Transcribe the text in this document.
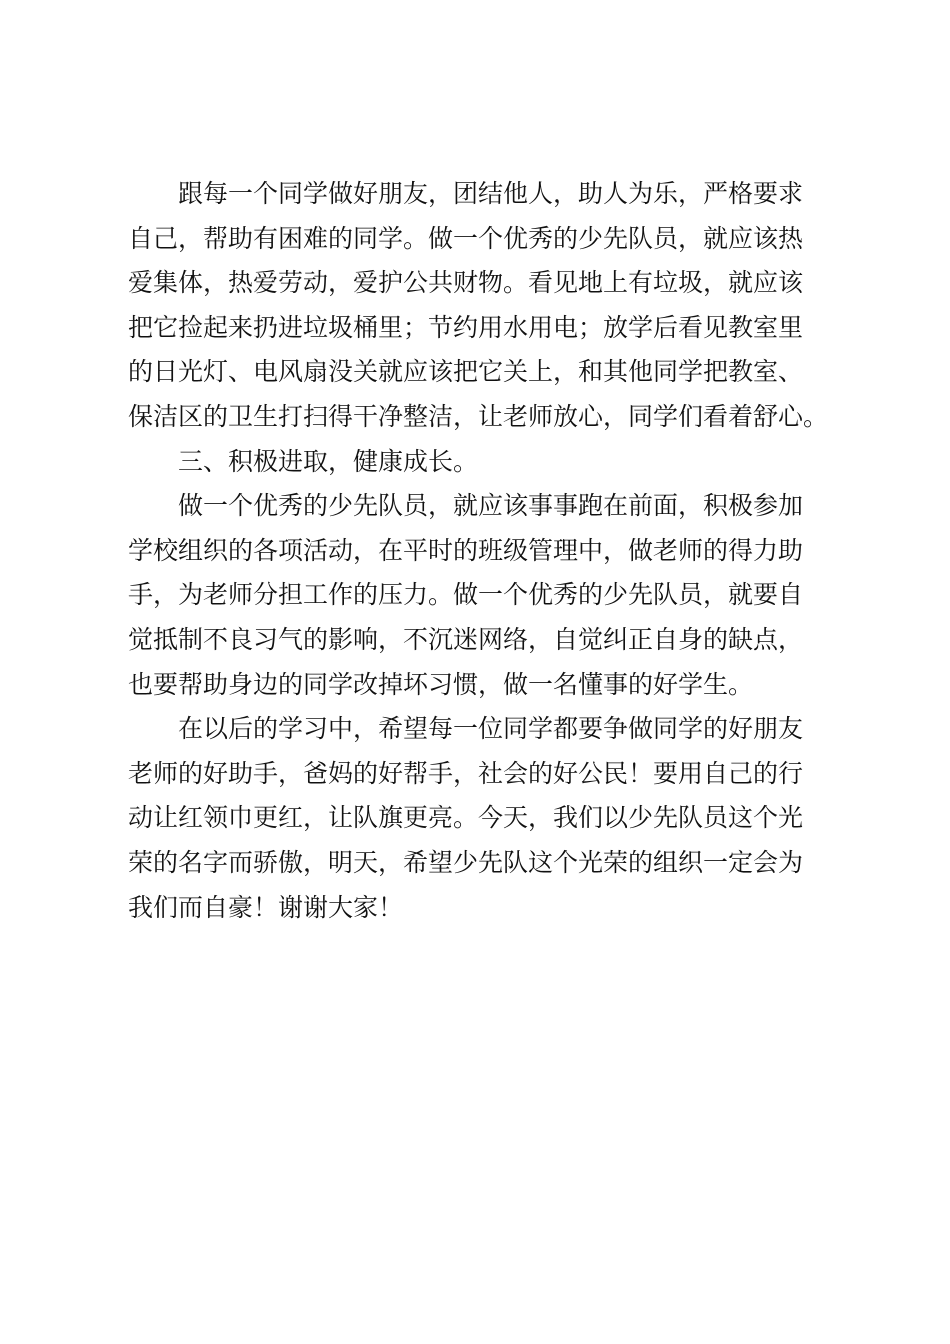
跟每一个同学做好朋友，团结他人，助人为乐，严格要求
自己，帮助有困难的同学。做一个优秀的少先队员，就应该热
爱集体，热爱劳动，爱护公共财物。看见地上有垃圾，就应该
把它捡起来扔进垃圾桶里；节约用水用电；放学后看见教室里
的日光灯、电风扇没关就应该把它关上，和其他同学把教室、
保洁区的卫生打扫得干净整洁，让老师放心，同学们看着舒心。

三、积极进取，健康成长。

做一个优秀的少先队员，就应该事事跑在前面，积极参加
学校组织的各项活动，在平时的班级管理中，做老师的得力助
手，为老师分担工作的压力。做一个优秀的少先队员，就要自
觉抵制不良习气的影响，不沉迷网络，自觉纠正自身的缺点，
也要帮助身边的同学改掉坏习惯，做一名懂事的好学生。

在以后的学习中，希望每一位同学都要争做同学的好朋友
老师的好助手，爸妈的好帮手，社会的好公民！要用自己的行
动让红领巾更红，让队旗更亮。今天，我们以少先队员这个光
荣的名字而骄傲，明天，希望少先队这个光荣的组织一定会为
我们而自豪！谢谢大家！
